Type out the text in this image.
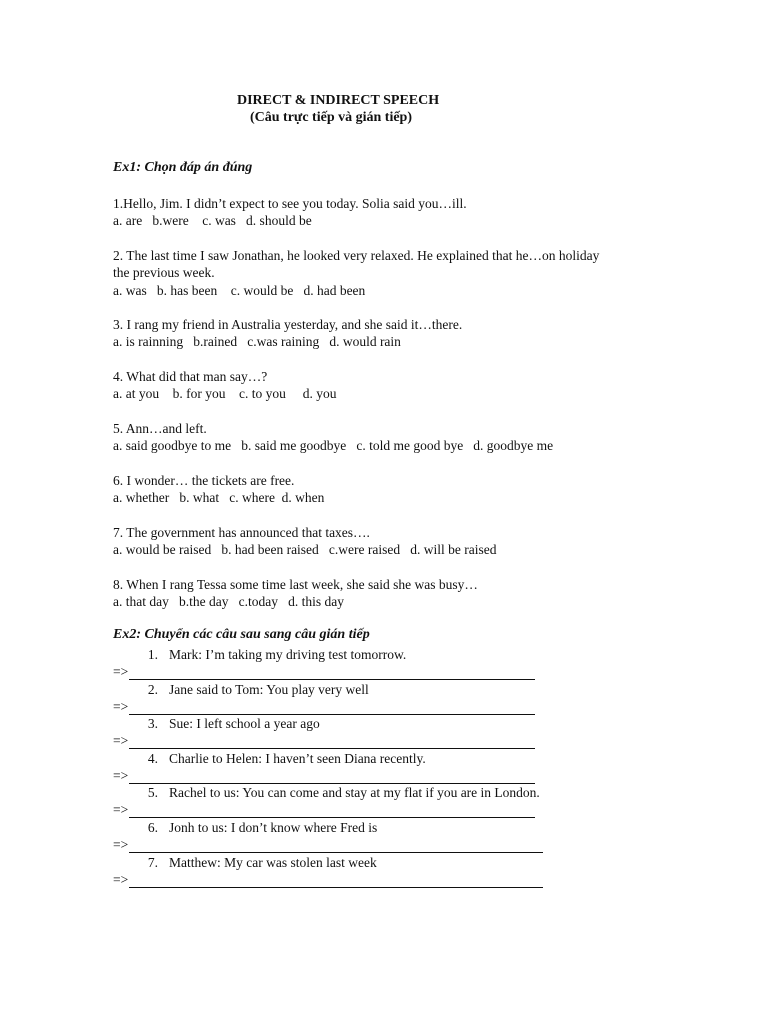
DIRECT & INDIRECT SPEECH
(Câu trực tiếp và gián tiếp)
Ex1: Chọn đáp án đúng
1.Hello, Jim. I didn’t expect to see you today. Solia said you…ill.
a. are   b.were    c. was   d. should be
2. The last time I saw Jonathan, he looked very relaxed. He explained that he…on holiday
the previous week.
a. was   b. has been    c. would be   d. had been
3. I rang my friend in Australia yesterday, and she said it…there.
a. is rainning   b.rained   c.was raining   d. would rain
4. What did that man say…?
a. at you    b. for you    c. to you     d. you
5. Ann…and left.
a. said goodbye to me   b. said me goodbye   c. told me good bye   d. goodbye me
6. I wonder… the tickets are free.
a. whether   b. what   c. where  d. when
7. The government has announced that taxes….
a. would be raised   b. had been raised   c.were raised   d. will be raised
8. When I rang Tessa some time last week, she said she was busy…
a. that day   b.the day   c.today   d. this day
Ex2: Chuyển các câu sau sang câu gián tiếp
1. Mark: I’m taking my driving test tomorrow.
=>
2. Jane said to Tom: You play very well
=>
3. Sue: I left school a year ago
=>
4. Charlie to Helen: I haven’t seen Diana recently.
=>
5. Rachel to us: You can come and stay at my flat if you are in London.
=>
6. Jonh to us: I don’t know where Fred is
=>
7. Matthew: My car was stolen last week
=>
